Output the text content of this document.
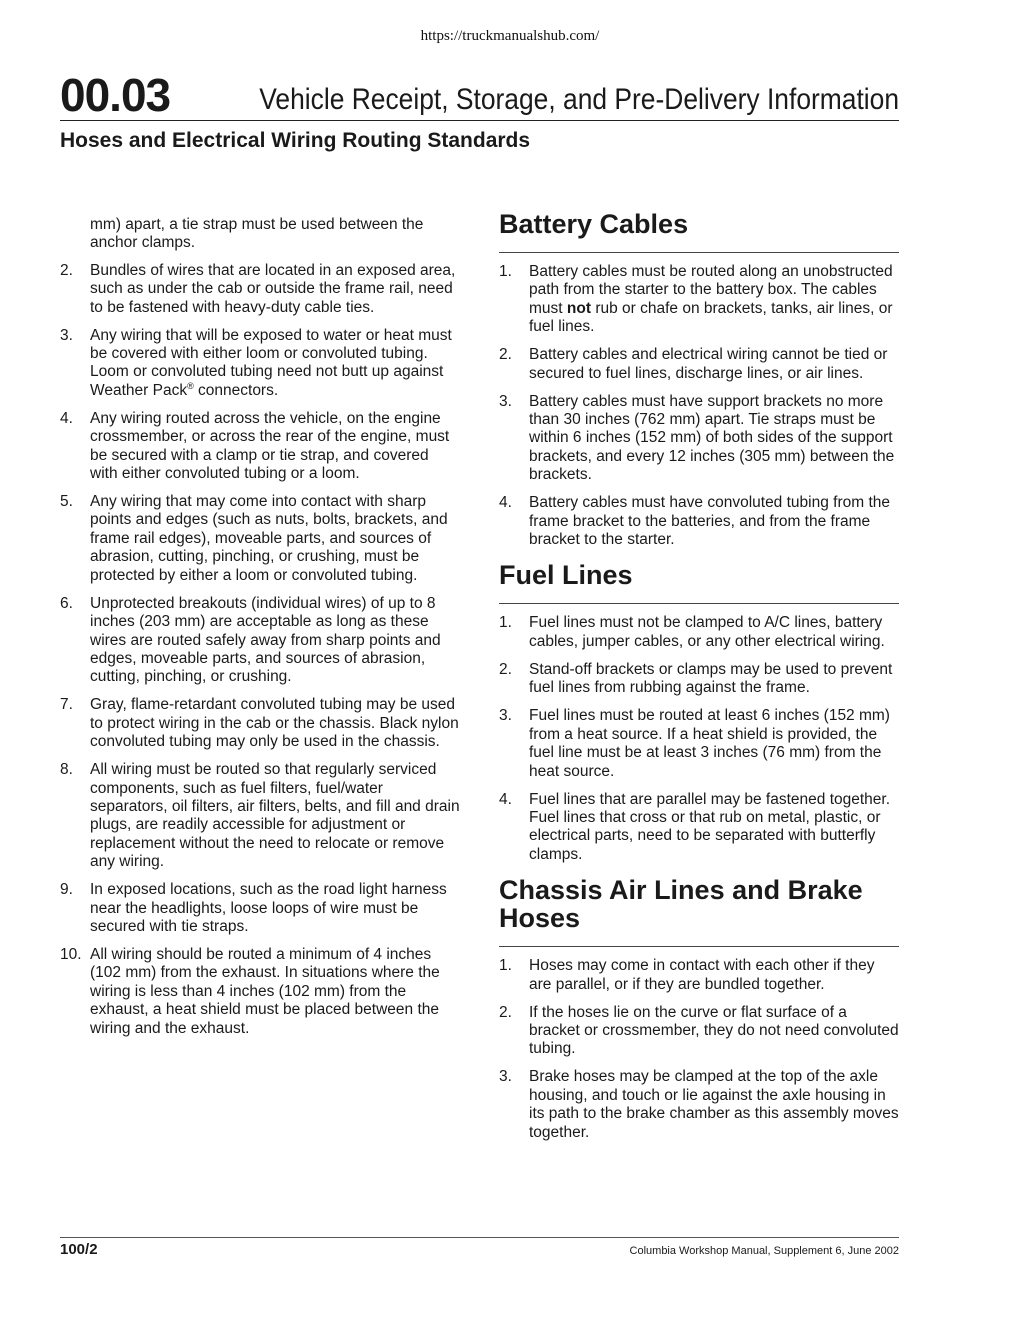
https://truckmanualshub.com/
00.03	Vehicle Receipt, Storage, and Pre-Delivery Information
Hoses and Electrical Wiring Routing Standards
mm) apart, a tie strap must be used between the anchor clamps.
2. Bundles of wires that are located in an exposed area, such as under the cab or outside the frame rail, need to be fastened with heavy-duty cable ties.
3. Any wiring that will be exposed to water or heat must be covered with either loom or convoluted tubing. Loom or convoluted tubing need not butt up against Weather Pack® connectors.
4. Any wiring routed across the vehicle, on the engine crossmember, or across the rear of the engine, must be secured with a clamp or tie strap, and covered with either convoluted tubing or a loom.
5. Any wiring that may come into contact with sharp points and edges (such as nuts, bolts, brackets, and frame rail edges), moveable parts, and sources of abrasion, cutting, pinching, or crushing, must be protected by either a loom or convoluted tubing.
6. Unprotected breakouts (individual wires) of up to 8 inches (203 mm) are acceptable as long as these wires are routed safely away from sharp points and edges, moveable parts, and sources of abrasion, cutting, pinching, or crushing.
7. Gray, flame-retardant convoluted tubing may be used to protect wiring in the cab or the chassis. Black nylon convoluted tubing may only be used in the chassis.
8. All wiring must be routed so that regularly serviced components, such as fuel filters, fuel/water separators, oil filters, air filters, belts, and fill and drain plugs, are readily accessible for adjustment or replacement without the need to relocate or remove any wiring.
9. In exposed locations, such as the road light harness near the headlights, loose loops of wire must be secured with tie straps.
10. All wiring should be routed a minimum of 4 inches (102 mm) from the exhaust. In situations where the wiring is less than 4 inches (102 mm) from the exhaust, a heat shield must be placed between the wiring and the exhaust.
Battery Cables
1. Battery cables must be routed along an unobstructed path from the starter to the battery box. The cables must not rub or chafe on brackets, tanks, air lines, or fuel lines.
2. Battery cables and electrical wiring cannot be tied or secured to fuel lines, discharge lines, or air lines.
3. Battery cables must have support brackets no more than 30 inches (762 mm) apart. Tie straps must be within 6 inches (152 mm) of both sides of the support brackets, and every 12 inches (305 mm) between the brackets.
4. Battery cables must have convoluted tubing from the frame bracket to the batteries, and from the frame bracket to the starter.
Fuel Lines
1. Fuel lines must not be clamped to A/C lines, battery cables, jumper cables, or any other electrical wiring.
2. Stand-off brackets or clamps may be used to prevent fuel lines from rubbing against the frame.
3. Fuel lines must be routed at least 6 inches (152 mm) from a heat source. If a heat shield is provided, the fuel line must be at least 3 inches (76 mm) from the heat source.
4. Fuel lines that are parallel may be fastened together. Fuel lines that cross or that rub on metal, plastic, or electrical parts, need to be separated with butterfly clamps.
Chassis Air Lines and Brake Hoses
1. Hoses may come in contact with each other if they are parallel, or if they are bundled together.
2. If the hoses lie on the curve or flat surface of a bracket or crossmember, they do not need convoluted tubing.
3. Brake hoses may be clamped at the top of the axle housing, and touch or lie against the axle housing in its path to the brake chamber as this assembly moves together.
100/2	Columbia Workshop Manual, Supplement 6, June 2002
